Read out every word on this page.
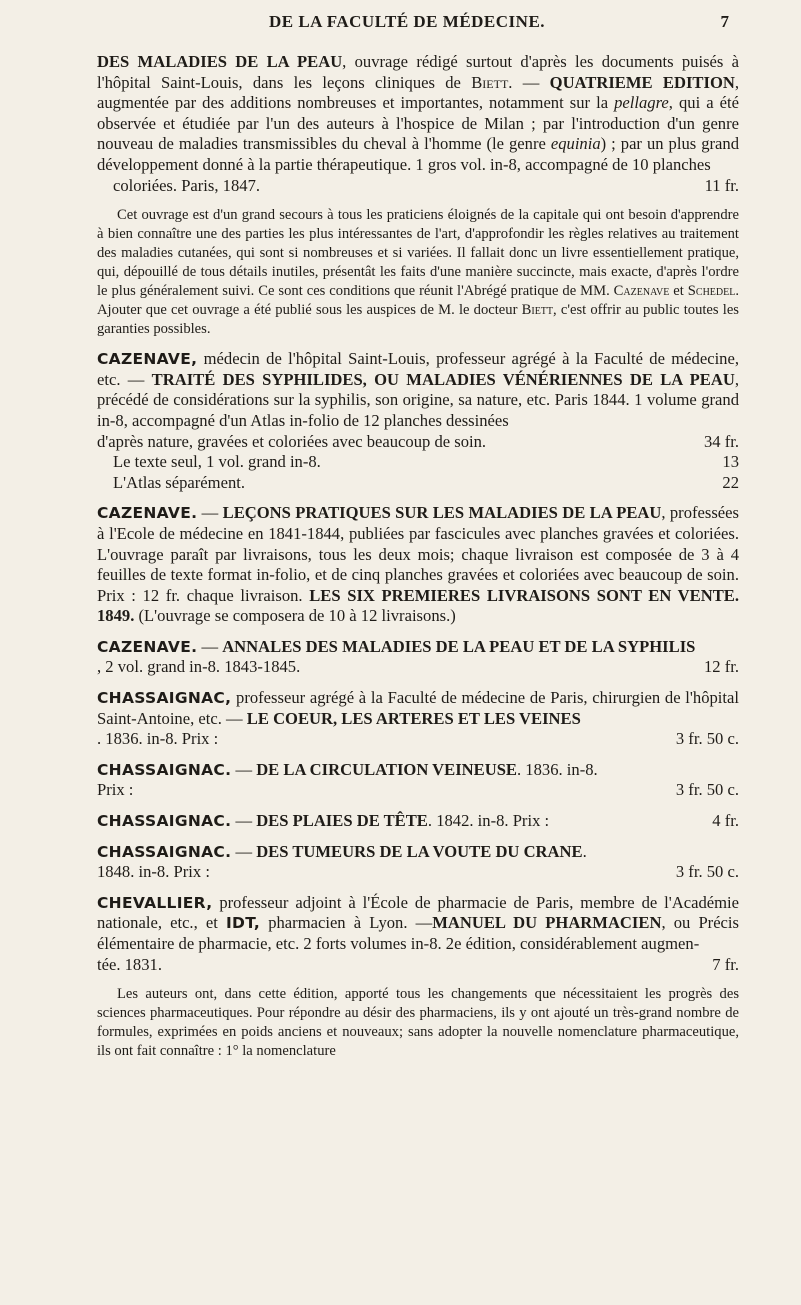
DE LA FACULTÉ DE MÉDECINE.	7
DES MALADIES DE LA PEAU, ouvrage rédigé surtout d'après les documents puisés à l'hôpital Saint-Louis, dans les leçons cliniques de Biett. — QUATRIEME EDITION, augmentée par des additions nombreuses et importantes, notamment sur la pellagre, qui a été observée et étudiée par l'un des auteurs à l'hospice de Milan ; par l'introduction d'un genre nouveau de maladies transmissibles du cheval à l'homme (le genre equinia) ; par un plus grand développement donné à la partie thérapeutique. 1 gros vol. in-8, accompagné de 10 planches
coloriées. Paris, 1847.	11 fr.
Cet ouvrage est d'un grand secours à tous les praticiens éloignés de la capitale qui ont besoin d'apprendre à bien connaître une des parties les plus intéressantes de l'art, d'approfondir les règles relatives au traitement des maladies cutanées, qui sont si nombreuses et si variées. Il fallait donc un livre essentiellement pratique, qui, dépouillé de tous détails inutiles, présentât les faits d'une manière succincte, mais exacte, d'après l'ordre le plus généralement suivi. Ce sont ces conditions que réunit l'Abrégé pratique de MM. Cazenave et Schedel. Ajouter que cet ouvrage a été publié sous les auspices de M. le docteur Biett, c'est offrir au public toutes les garanties possibles.
CAZENAVE, médecin de l'hôpital Saint-Louis, professeur agrégé à la Faculté de médecine, etc. — TRAITÉ DES SYPHILIDES, OU MALADIES VÉNÉRIENNES DE LA PEAU, précédé de considérations sur la syphilis, son origine, sa nature, etc. Paris 1844. 1 volume grand in-8, accompagné d'un Atlas in-folio de 12 planches dessinées
d'après nature, gravées et coloriées avec beaucoup de soin.	34 fr.
Le texte seul, 1 vol. grand in-8.	13
L'Atlas séparément.	22
CAZENAVE. — LEÇONS PRATIQUES SUR LES MALADIES DE LA PEAU, professées à l'Ecole de médecine en 1841-1844, publiées par fascicules avec planches gravées et coloriées. L'ouvrage paraît par livraisons, tous les deux mois; chaque livraison est composée de 3 à 4 feuilles de texte format in-folio, et de cinq planches gravées et coloriées avec beaucoup de soin. Prix : 12 fr. chaque livraison. LES SIX PREMIERES LIVRAISONS SONT EN VENTE. 1849. (L'ouvrage se composera de 10 à 12 livraisons.)
CAZENAVE. — ANNALES DES MALADIES DE LA PEAU ET DE LA SYPHILIS
, 2 vol. grand in-8. 1843-1845.	12 fr.
CHASSAIGNAC, professeur agrégé à la Faculté de médecine de Paris, chirurgien de l'hôpital Saint-Antoine, etc. — LE COEUR, LES ARTERES ET LES VEINES
. 1836. in-8. Prix :	3 fr. 50 c.
CHASSAIGNAC. — DE LA CIRCULATION VEINEUSE. 1836. in-8.
Prix :	3 fr. 50 c.
CHASSAIGNAC. — DES PLAIES DE TÊTE. 1842. in-8. Prix :	4 fr.
CHASSAIGNAC. — DES TUMEURS DE LA VOUTE DU CRANE.
1848. in-8. Prix :	3 fr. 50 c.
CHEVALLIER, professeur adjoint à l'École de pharmacie de Paris, membre de l'Académie nationale, etc., et IDT, pharmacien à Lyon. —MANUEL DU PHARMACIEN, ou Précis élémentaire de pharmacie, etc. 2 forts volumes in-8. 2e édition, considérablement augmen-
tée. 1831.	7 fr.
Les auteurs ont, dans cette édition, apporté tous les changements que nécessitaient les progrès des sciences pharmaceutiques. Pour répondre au désir des pharmaciens, ils y ont ajouté un très-grand nombre de formules, exprimées en poids anciens et nouveaux; sans adopter la nouvelle nomenclature pharmaceutique, ils ont fait connaître : 1° la nomenclature
